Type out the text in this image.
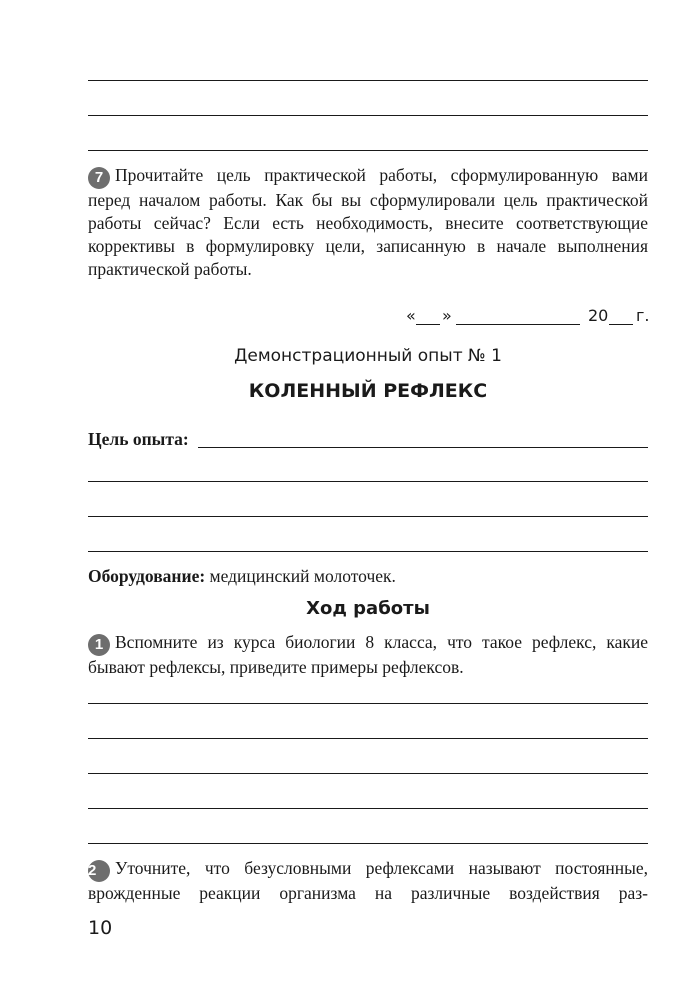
7 Прочитайте цель практической работы, сформулированную вами перед началом работы. Как бы вы сформулировали цель практической работы сейчас? Если есть необходимость, внесите соответствующие коррективы в формулировку цели, записанную в начале выполнения практической работы.
« »	20 г.
Демонстрационный опыт № 1
КОЛЕННЫЙ РЕФЛЕКС
Цель опыта:
Оборудование: медицинский молоточек.
Ход работы
1 Вспомните из курса биологии 8 класса, что такое рефлекс, какие бывают рефлексы, приведите примеры рефлексов.
2 Уточните, что безусловными рефлексами называют постоянные, врожденные реакции организма на различные воздействия раз-
10
